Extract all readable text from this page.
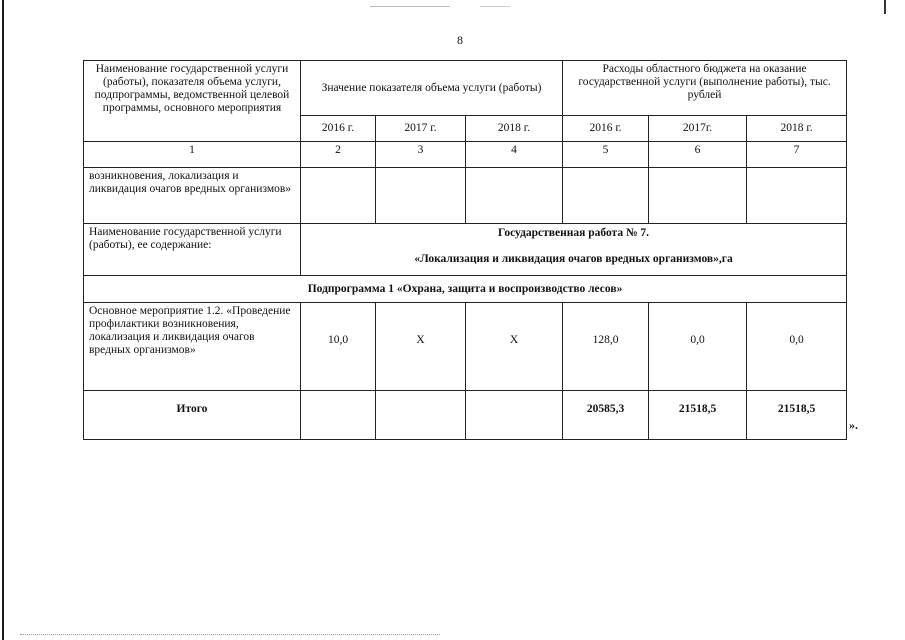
8
Наименование государственной услуги (работы), показателя объема услуги, подпрограммы, ведомственной целевой программы, основного мероприятия	Значение показателя объема услуги (работы)			Расходы областного бюджета на оказание государственной услуги (выполнение работы), тыс. рублей		
	2016 г.	2017 г.	2018 г.	2016 г.	2017г.	2018 г.
1	2	3	4	5	6	7
возникновения, локализация и ликвидация очагов вредных организмов»						
Наименование государственной услуги (работы), ее содержание:	Государственная работа № 7.
«Локализация и ликвидация очагов вредных организмов»,га					

Подпрограмма 1 «Охрана, защита и воспроизводство лесов»						
Основное мероприятие 1.2. «Проведение профилактики возникновения, локализация и ликвидация очагов вредных организмов»	10,0	Х	Х	128,0	0,0	0,0
Итого				20585,3	21518,5	21518,5
».
